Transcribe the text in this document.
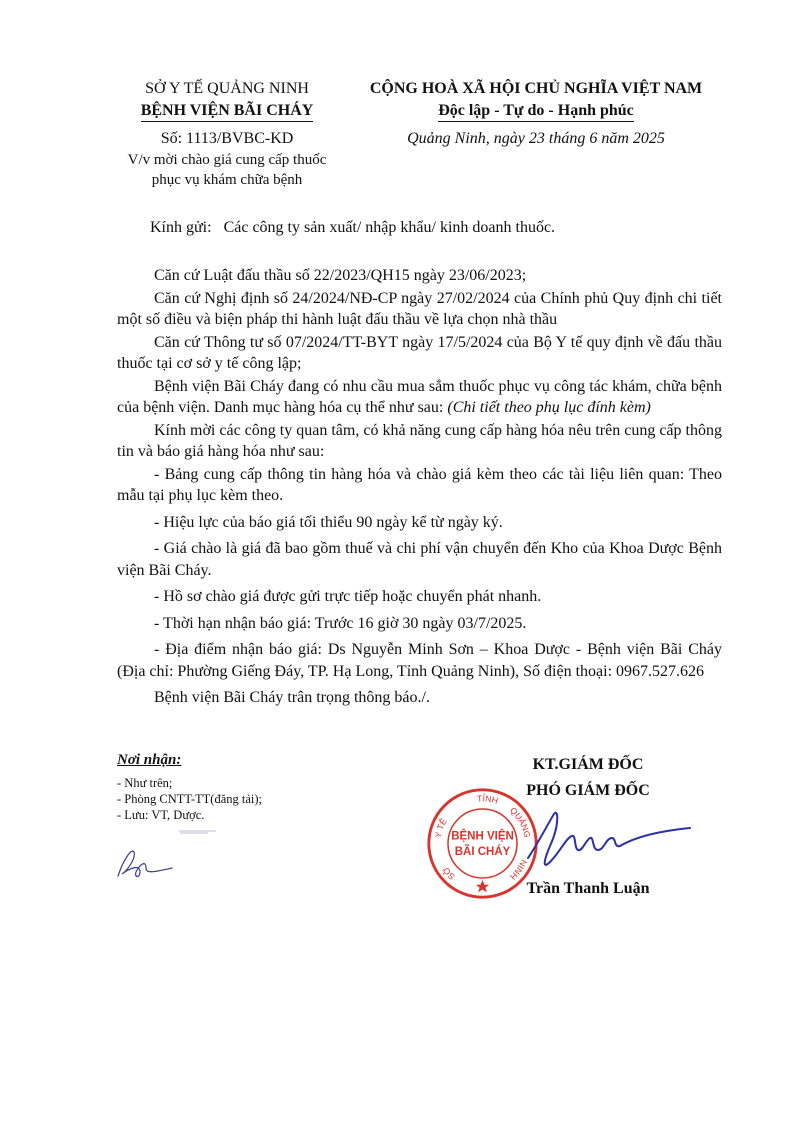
SỞ Y TẾ QUẢNG NINH
BỆNH VIỆN BÃI CHÁY
Số: 1113/BVBC-KD
V/v mời chào giá cung cấp thuốc
phục vụ khám chữa bệnh
CỘNG HOÀ XÃ HỘI CHỦ NGHĨA VIỆT NAM
Độc lập - Tự do - Hạnh phúc
Quảng Ninh, ngày 23 tháng 6 năm 2025
Kính gửi: Các công ty sản xuất/ nhập khẩu/ kinh doanh thuốc.

Căn cứ Luật đấu thầu số 22/2023/QH15 ngày 23/06/2023;

Căn cứ Nghị định số 24/2024/NĐ-CP ngày 27/02/2024 của Chính phủ Quy định chi tiết một số điều và biện pháp thi hành luật đấu thầu về lựa chọn nhà thầu

Căn cứ Thông tư số 07/2024/TT-BYT ngày 17/5/2024 của Bộ Y tế quy định về đấu thầu thuốc tại cơ sở y tế công lập;

Bệnh viện Bãi Cháy đang có nhu cầu mua sắm thuốc phục vụ công tác khám, chữa bệnh của bệnh viện. Danh mục hàng hóa cụ thể như sau: (Chi tiết theo phụ lục đính kèm)

Kính mời các công ty quan tâm, có khả năng cung cấp hàng hóa nêu trên cung cấp thông tin và báo giá hàng hóa như sau:

- Bảng cung cấp thông tin hàng hóa và chào giá kèm theo các tài liệu liên quan: Theo mẫu tại phụ lục kèm theo.

- Hiệu lực của báo giá tối thiểu 90 ngày kể từ ngày ký.

- Giá chào là giá đã bao gồm thuế và chi phí vận chuyển đến Kho của Khoa Dược Bệnh viện Bãi Cháy.

- Hồ sơ chào giá được gửi trực tiếp hoặc chuyển phát nhanh.

- Thời hạn nhận báo giá: Trước 16 giờ 30 ngày 03/7/2025.

- Địa điểm nhận báo giá: Ds Nguyễn Minh Sơn – Khoa Dược - Bệnh viện Bãi Cháy (Địa chỉ: Phường Giếng Đáy, TP. Hạ Long, Tỉnh Quảng Ninh), Số điện thoại: 0967.527.626

Bệnh viện Bãi Cháy trân trọng thông báo./.

Nơi nhận:
- Như trên;
- Phòng CNTT-TT(đăng tải);
- Lưu: VT, Dược.
KT.GIÁM ĐỐC
PHÓ GIÁM ĐỐC
Y TẾ
TỈNH
QUẢNG
NINH
SỞ
BỆNH VIỆN
BÃI CHÁY
Trần Thanh Luận
